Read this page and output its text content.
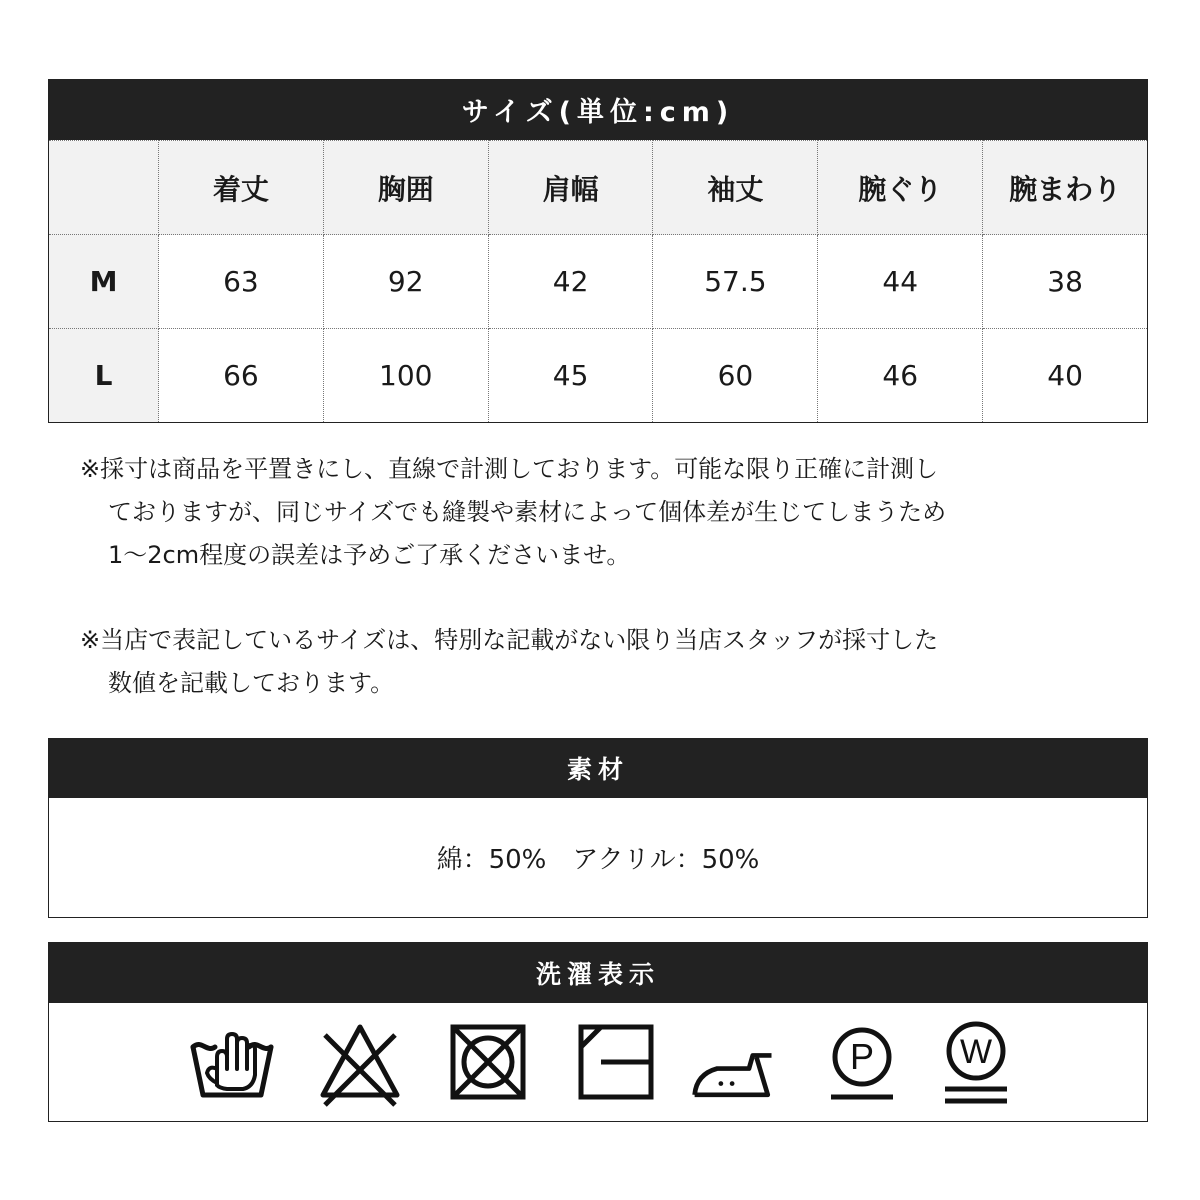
サイズ(単位:cm)
	着丈	胸囲	肩幅	袖丈	腕ぐり	腕まわり
M	63	92	42	57.5	44	38
L	66	100	45	60	46	40
※採寸は商品を平置きにし、直線で計測しております。可能な限り正確に計測し
ておりますが、同じサイズでも縫製や素材によって個体差が生じてしまうため
1～2cm程度の誤差は予めご了承くださいませ。
※当店で表記しているサイズは、特別な記載がない限り当店スタッフが採寸した
数値を記載しております。
素材
綿：50%　アクリル：50%
洗濯表示
P	W
